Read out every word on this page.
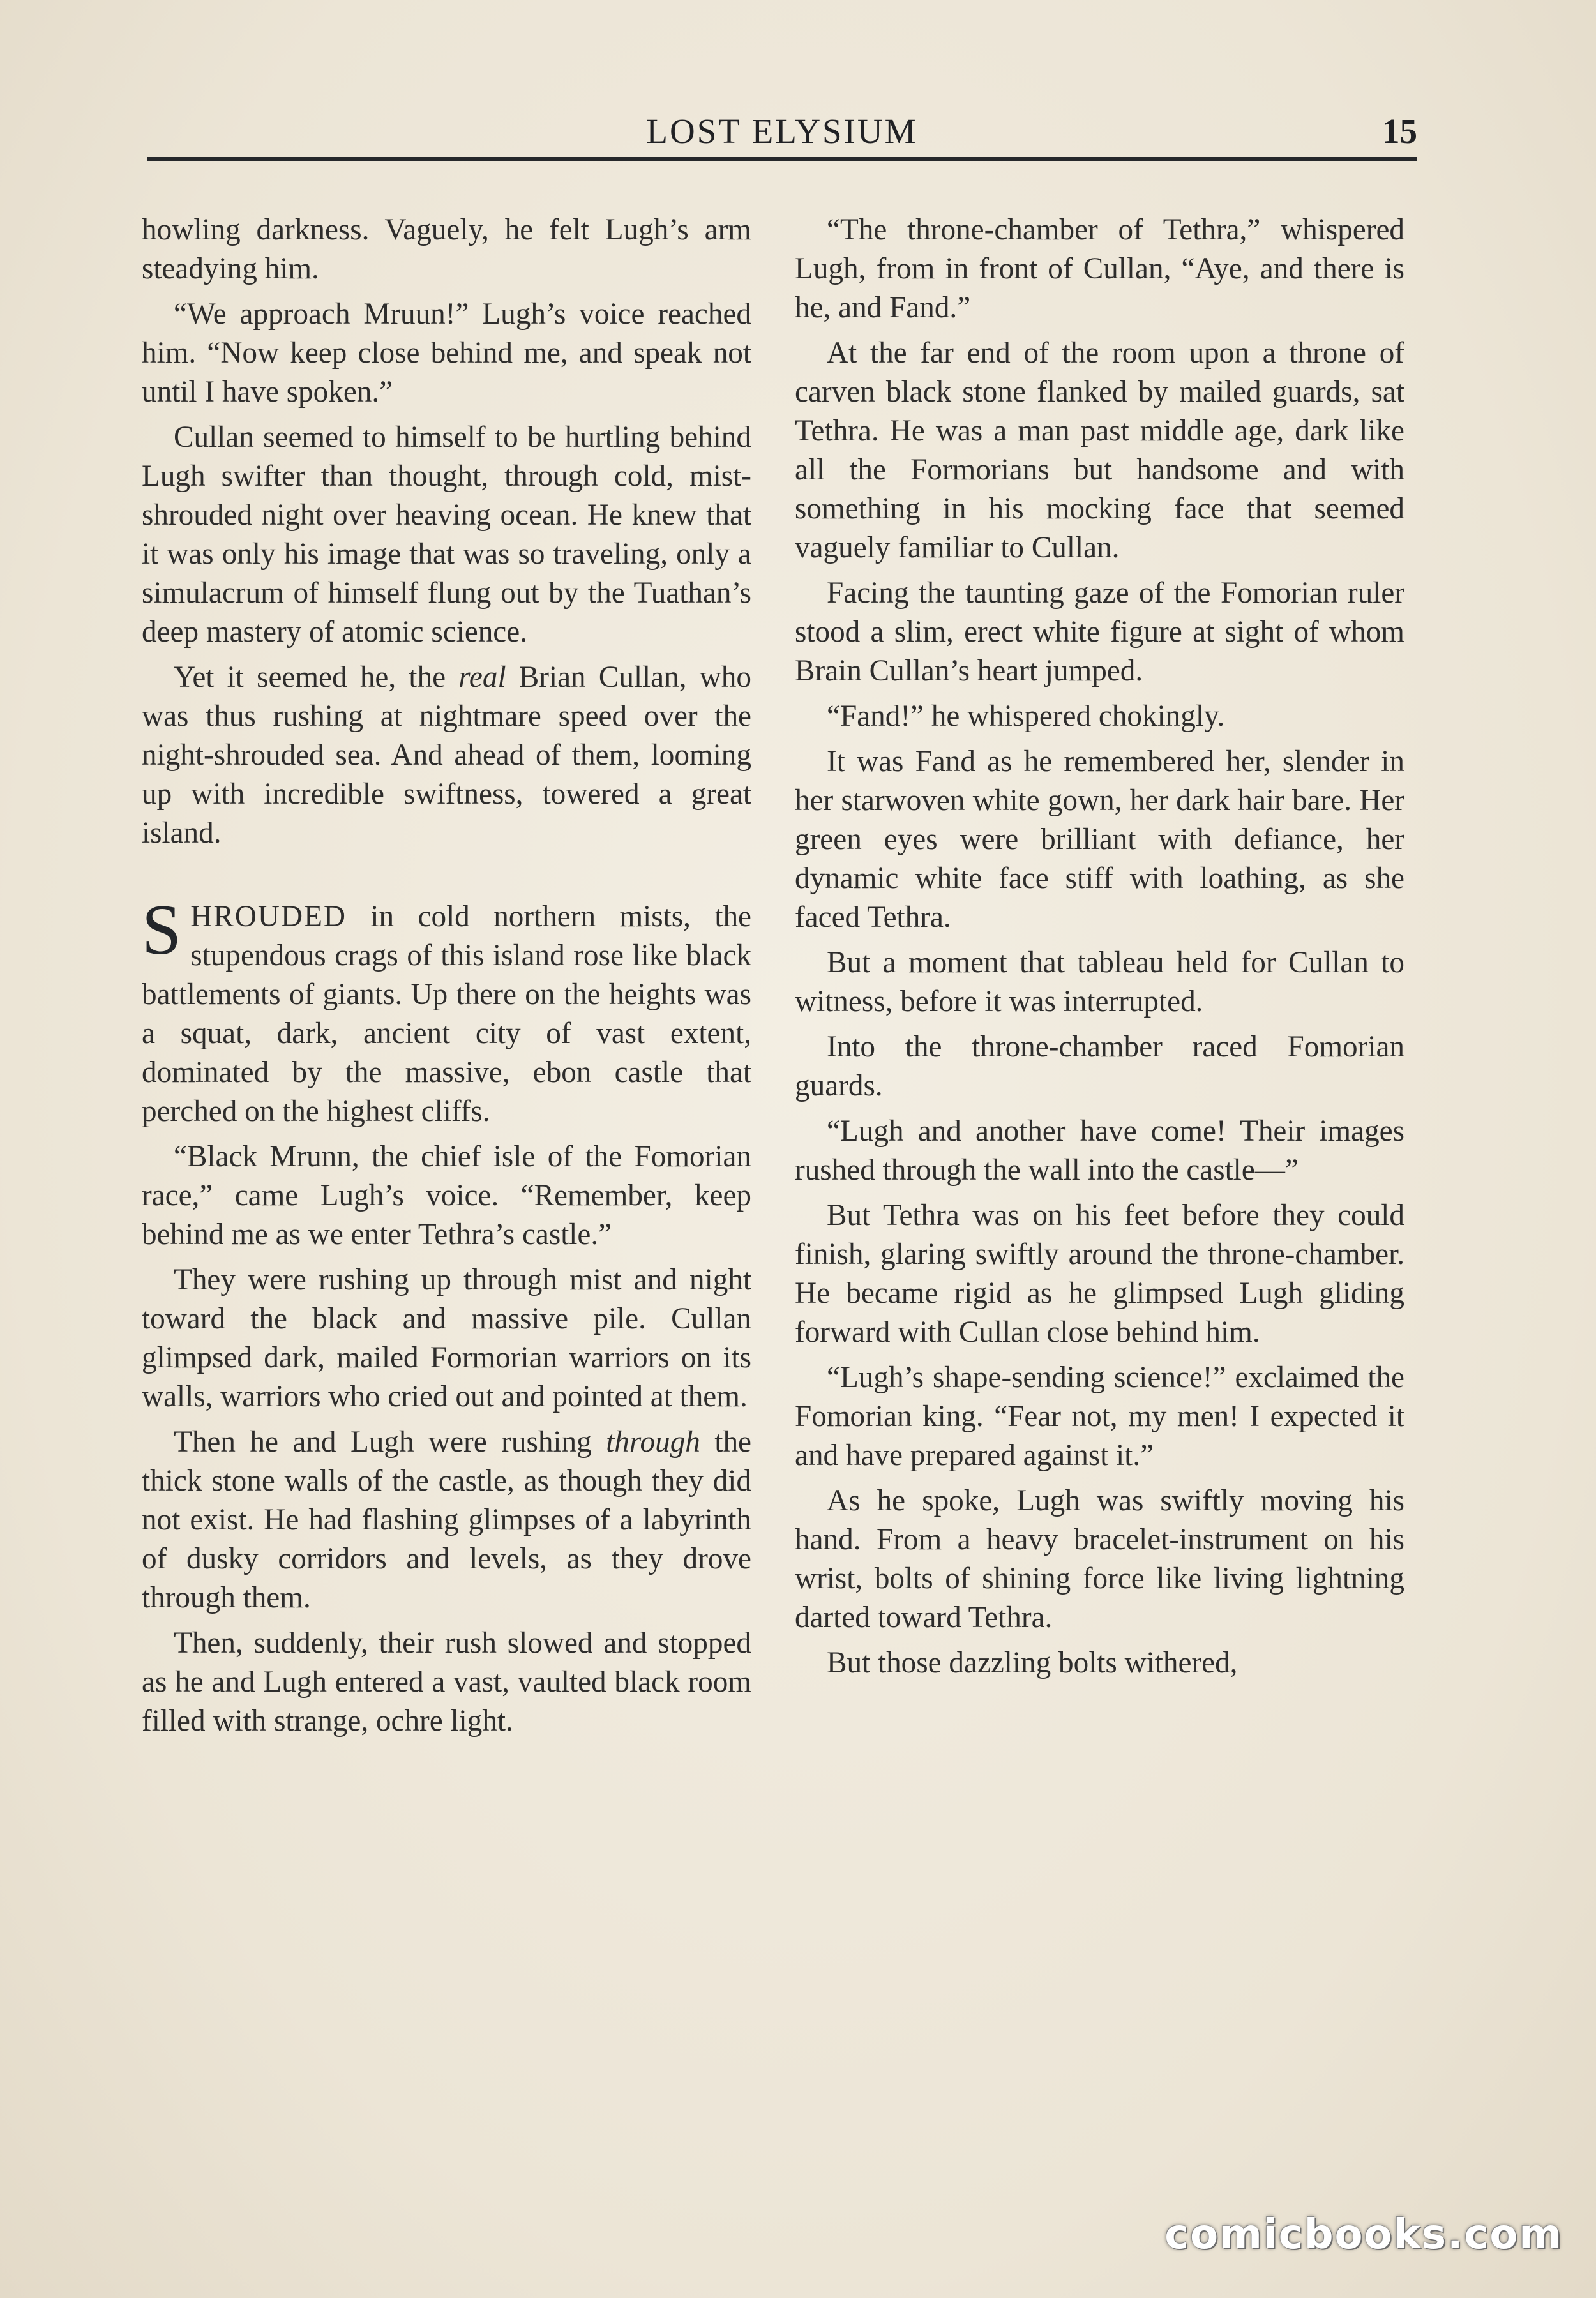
LOST ELYSIUM	15

howling darkness. Vaguely, he felt Lugh’s arm steadying him.

“We approach Mruun!” Lugh’s voice reached him. “Now keep close behind me, and speak not until I have spoken.”

Cullan seemed to himself to be hurtling behind Lugh swifter than thought, through cold, mist-shrouded night over heaving ocean. He knew that it was only his image that was so traveling, only a simulacrum of himself flung out by the Tuathan’s deep mastery of atomic science.

Yet it seemed he, the real Brian Cullan, who was thus rushing at nightmare speed over the night-shrouded sea. And ahead of them, looming up with incredible swiftness, towered a great island.

SHROUDED in cold northern mists, the stupendous crags of this island rose like black battlements of giants. Up there on the heights was a squat, dark, ancient city of vast extent, dominated by the massive, ebon castle that perched on the highest cliffs.

“Black Mrunn, the chief isle of the Fomorian race,” came Lugh’s voice. “Remember, keep behind me as we enter Tethra’s castle.”

They were rushing up through mist and night toward the black and massive pile. Cullan glimpsed dark, mailed Formorian warriors on its walls, warriors who cried out and pointed at them.

Then he and Lugh were rushing through the thick stone walls of the castle, as though they did not exist. He had flashing glimpses of a labyrinth of dusky corridors and levels, as they drove through them.

Then, suddenly, their rush slowed and stopped as he and Lugh entered a vast, vaulted black room filled with strange, ochre light.

“The throne-chamber of Tethra,” whispered Lugh, from in front of Cullan, “Aye, and there is he, and Fand.”

At the far end of the room upon a throne of carven black stone flanked by mailed guards, sat Tethra. He was a man past middle age, dark like all the Formorians but handsome and with something in his mocking face that seemed vaguely familiar to Cullan.

Facing the taunting gaze of the Fomorian ruler stood a slim, erect white figure at sight of whom Brain Cullan’s heart jumped.

“Fand!” he whispered chokingly.

It was Fand as he remembered her, slender in her starwoven white gown, her dark hair bare. Her green eyes were brilliant with defiance, her dynamic white face stiff with loathing, as she faced Tethra.

But a moment that tableau held for Cullan to witness, before it was interrupted.

Into the throne-chamber raced Fomorian guards.

“Lugh and another have come! Their images rushed through the wall into the castle—”

But Tethra was on his feet before they could finish, glaring swiftly around the throne-chamber. He became rigid as he glimpsed Lugh gliding forward with Cullan close behind him.

“Lugh’s shape-sending science!” exclaimed the Fomorian king. “Fear not, my men! I expected it and have prepared against it.”

As he spoke, Lugh was swiftly moving his hand. From a heavy bracelet-instrument on his wrist, bolts of shining force like living lightning darted toward Tethra.

But those dazzling bolts withered,

comicbooks.com
